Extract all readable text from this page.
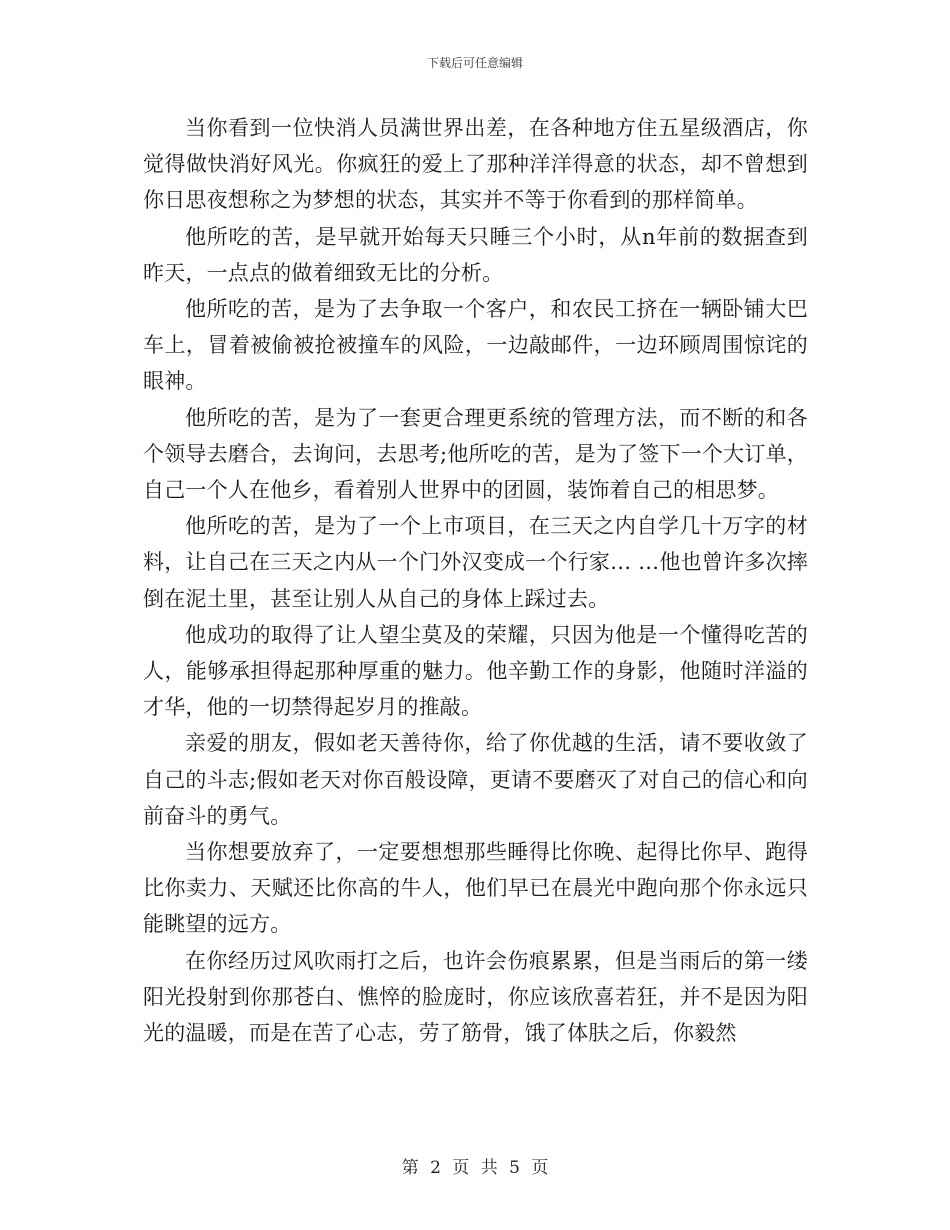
下载后可任意编辑

当你看到一位快消人员满世界出差，在各种地方住五星级酒店，你觉得做快消好风光。你疯狂的爱上了那种洋洋得意的状态，却不曾想到你日思夜想称之为梦想的状态，其实并不等于你看到的那样简单。

他所吃的苦，是早就开始每天只睡三个小时，从n年前的数据查到昨天，一点点的做着细致无比的分析。

他所吃的苦，是为了去争取一个客户，和农民工挤在一辆卧铺大巴车上，冒着被偷被抢被撞车的风险，一边敲邮件，一边环顾周围惊诧的眼神。

他所吃的苦，是为了一套更合理更系统的管理方法，而不断的和各个领导去磨合，去询问，去思考;他所吃的苦，是为了签下一个大订单，自己一个人在他乡，看着别人世界中的团圆，装饰着自己的相思梦。

他所吃的苦，是为了一个上市项目，在三天之内自学几十万字的材料，让自己在三天之内从一个门外汉变成一个行家… …他也曾许多次摔倒在泥土里，甚至让别人从自己的身体上踩过去。

他成功的取得了让人望尘莫及的荣耀，只因为他是一个懂得吃苦的人，能够承担得起那种厚重的魅力。他辛勤工作的身影，他随时洋溢的才华，他的一切禁得起岁月的推敲。

亲爱的朋友，假如老天善待你，给了你优越的生活，请不要收敛了自己的斗志;假如老天对你百般设障，更请不要磨灭了对自己的信心和向前奋斗的勇气。

当你想要放弃了，一定要想想那些睡得比你晚、起得比你早、跑得比你卖力、天赋还比你高的牛人，他们早已在晨光中跑向那个你永远只能眺望的远方。

在你经历过风吹雨打之后，也许会伤痕累累，但是当雨后的第一缕阳光投射到你那苍白、憔悴的脸庞时，你应该欣喜若狂，并不是因为阳光的温暖，而是在苦了心志，劳了筋骨，饿了体肤之后，你毅然

第 2 页 共 5 页
